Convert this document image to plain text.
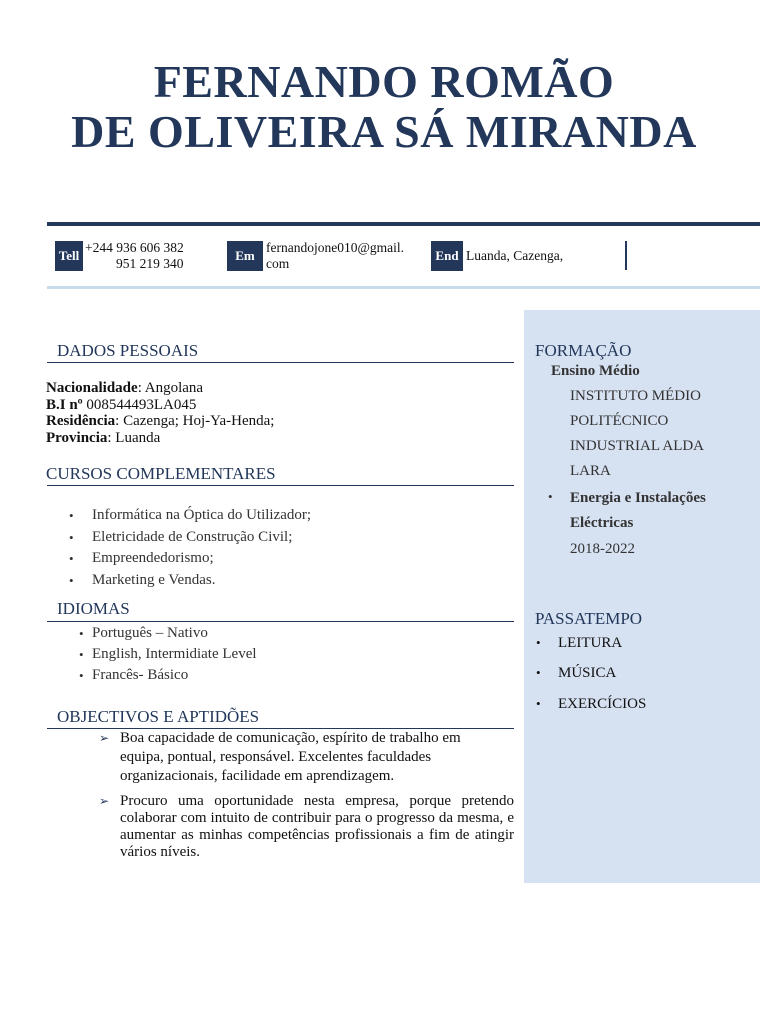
FERNANDO ROMÃO
DE OLIVEIRA SÁ MIRANDA
Tell
+244 936 606 382
951 219 340
Em
fernandojone010@gmail.
com
End Luanda, Cazenga,
DADOS PESSOAIS
Nacionalidade: Angolana
B.I nº 008544493LA045
Residência: Cazenga; Hoj-Ya-Henda;
Provincia: Luanda
CURSOS COMPLEMENTARES
• Informática na Óptica do Utilizador;
• Eletricidade de Construção Civil;
• Empreendedorismo;
• Marketing e Vendas.
IDIOMAS
• Português – Nativo
• English, Intermidiate Level
• Francês- Básico
OBJECTIVOS E APTIDÕES
➢ Boa capacidade de comunicação, espírito de trabalho em equipa, pontual, responsável. Excelentes faculdades organizacionais, facilidade em aprendizagem.
➢ Procuro uma oportunidade nesta empresa, porque pretendo colaborar com intuito de contribuir para o progresso da mesma, e aumentar as minhas competências profissionais a fim de atingir vários níveis.
FORMAÇÃO
Ensino Médio
INSTITUTO MÉDIO
POLITÉCNICO
INDUSTRIAL ALDA
LARA
• Energia e Instalações
Eléctricas
2018-2022
PASSATEMPO
• LEITURA
• MÚSICA
• EXERCÍCIOS
